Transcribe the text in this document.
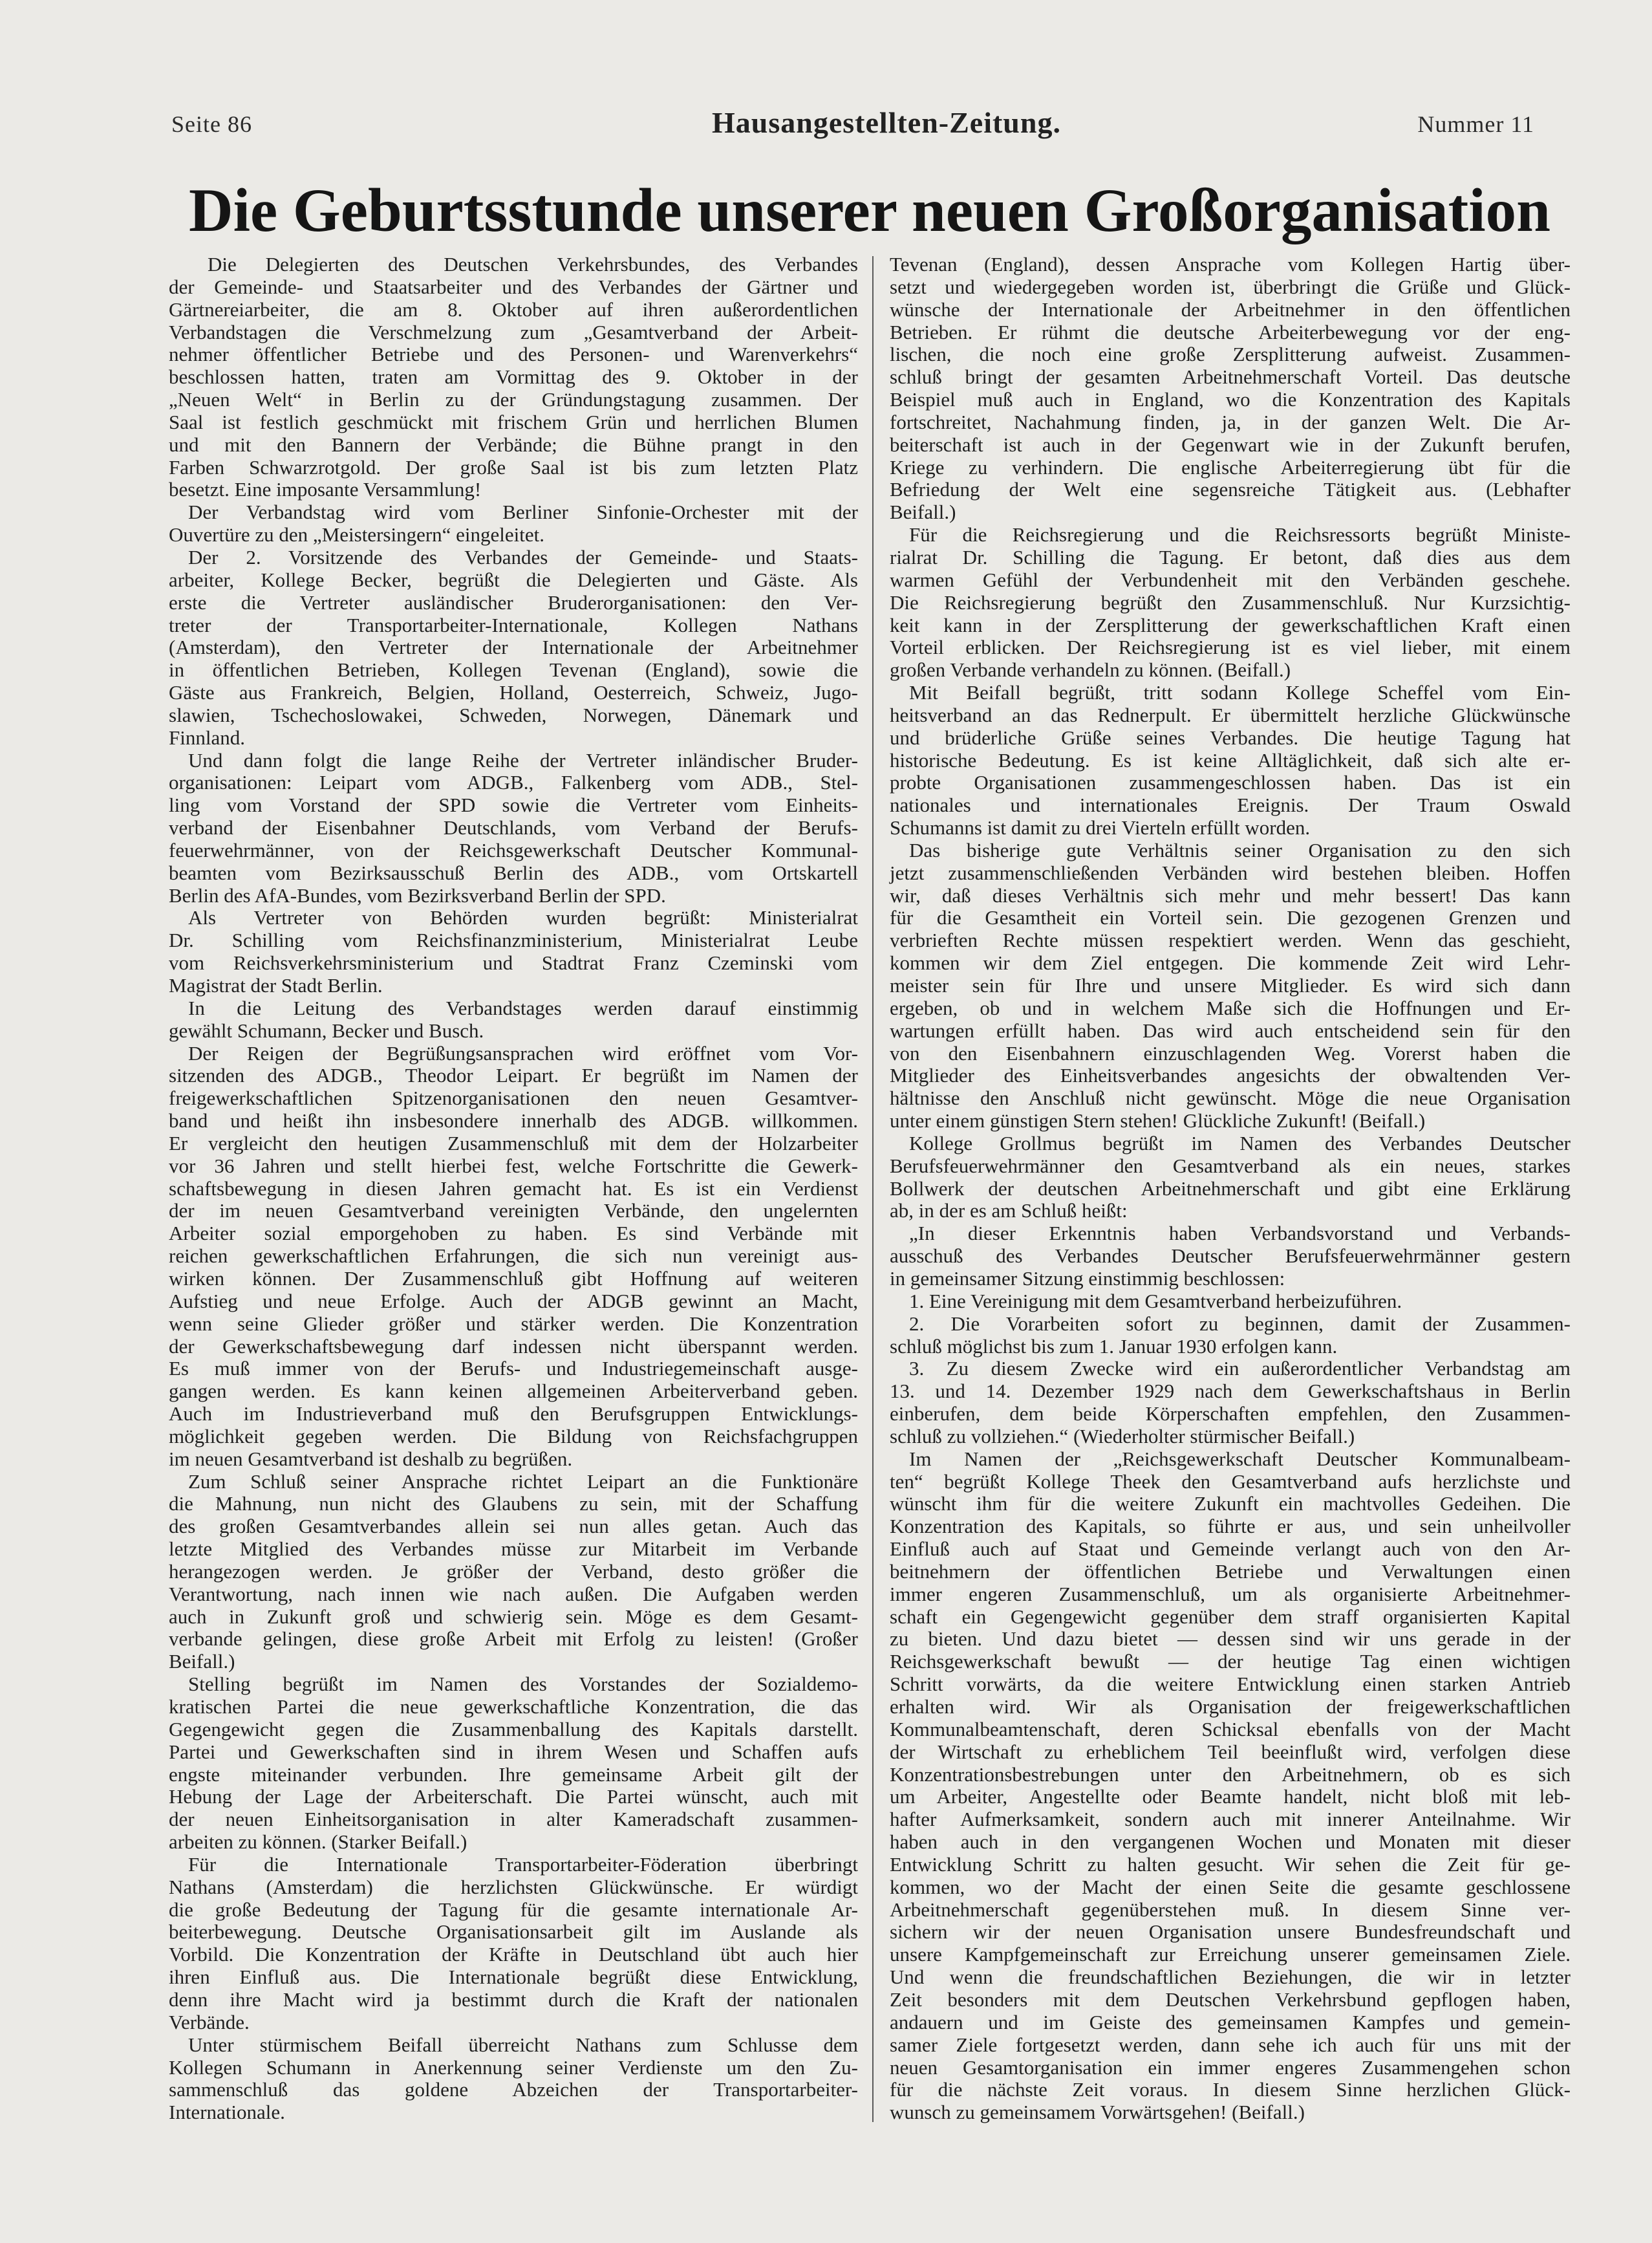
Seite 86	Hausangestellten-Zeitung.	Nummer 11
Die Geburtsstunde unserer neuen Großorganisation
Die Delegierten des Deutschen Verkehrsbundes, des Verbandes
der Gemeinde- und Staatsarbeiter und des Verbandes der Gärtner und
Gärtnereiarbeiter, die am 8. Oktober auf ihren außerordentlichen
Verbandstagen die Verschmelzung zum „Gesamtverband der Arbeit-
nehmer öffentlicher Betriebe und des Personen- und Warenverkehrs“
beschlossen hatten, traten am Vormittag des 9. Oktober in der
„Neuen Welt“ in Berlin zu der Gründungstagung zusammen. Der
Saal ist festlich geschmückt mit frischem Grün und herrlichen Blumen
und mit den Bannern der Verbände; die Bühne prangt in den
Farben Schwarzrotgold. Der große Saal ist bis zum letzten Platz
besetzt. Eine imposante Versammlung!
Der Verbandstag wird vom Berliner Sinfonie-Orchester mit der
Ouvertüre zu den „Meistersingern“ eingeleitet.
Der 2. Vorsitzende des Verbandes der Gemeinde- und Staats-
arbeiter, Kollege Becker, begrüßt die Delegierten und Gäste. Als
erste die Vertreter ausländischer Bruderorganisationen: den Ver-
treter der Transportarbeiter-Internationale, Kollegen Nathans
(Amsterdam), den Vertreter der Internationale der Arbeitnehmer
in öffentlichen Betrieben, Kollegen Tevenan (England), sowie die
Gäste aus Frankreich, Belgien, Holland, Oesterreich, Schweiz, Jugo-
slawien, Tschechoslowakei, Schweden, Norwegen, Dänemark und
Finnland.
Und dann folgt die lange Reihe der Vertreter inländischer Bruder-
organisationen: Leipart vom ADGB., Falkenberg vom ADB., Stel-
ling vom Vorstand der SPD sowie die Vertreter vom Einheits-
verband der Eisenbahner Deutschlands, vom Verband der Berufs-
feuerwehrmänner, von der Reichsgewerkschaft Deutscher Kommunal-
beamten vom Bezirksausschuß Berlin des ADB., vom Ortskartell
Berlin des AfA-Bundes, vom Bezirksverband Berlin der SPD.
Als Vertreter von Behörden wurden begrüßt: Ministerialrat
Dr. Schilling vom Reichsfinanzministerium, Ministerialrat Leube
vom Reichsverkehrsministerium und Stadtrat Franz Czeminski vom
Magistrat der Stadt Berlin.
In die Leitung des Verbandstages werden darauf einstimmig
gewählt Schumann, Becker und Busch.
Der Reigen der Begrüßungsansprachen wird eröffnet vom Vor-
sitzenden des ADGB., Theodor Leipart. Er begrüßt im Namen der
freigewerkschaftlichen Spitzenorganisationen den neuen Gesamtver-
band und heißt ihn insbesondere innerhalb des ADGB. willkommen.
Er vergleicht den heutigen Zusammenschluß mit dem der Holzarbeiter
vor 36 Jahren und stellt hierbei fest, welche Fortschritte die Gewerk-
schaftsbewegung in diesen Jahren gemacht hat. Es ist ein Verdienst
der im neuen Gesamtverband vereinigten Verbände, den ungelernten
Arbeiter sozial emporgehoben zu haben. Es sind Verbände mit
reichen gewerkschaftlichen Erfahrungen, die sich nun vereinigt aus-
wirken können. Der Zusammenschluß gibt Hoffnung auf weiteren
Aufstieg und neue Erfolge. Auch der ADGB gewinnt an Macht,
wenn seine Glieder größer und stärker werden. Die Konzentration
der Gewerkschaftsbewegung darf indessen nicht überspannt werden.
Es muß immer von der Berufs- und Industriegemeinschaft ausge-
gangen werden. Es kann keinen allgemeinen Arbeiterverband geben.
Auch im Industrieverband muß den Berufsgruppen Entwicklungs-
möglichkeit gegeben werden. Die Bildung von Reichsfachgruppen
im neuen Gesamtverband ist deshalb zu begrüßen.
Zum Schluß seiner Ansprache richtet Leipart an die Funktionäre
die Mahnung, nun nicht des Glaubens zu sein, mit der Schaffung
des großen Gesamtverbandes allein sei nun alles getan. Auch das
letzte Mitglied des Verbandes müsse zur Mitarbeit im Verbande
herangezogen werden. Je größer der Verband, desto größer die
Verantwortung, nach innen wie nach außen. Die Aufgaben werden
auch in Zukunft groß und schwierig sein. Möge es dem Gesamt-
verbande gelingen, diese große Arbeit mit Erfolg zu leisten! (Großer
Beifall.)
Stelling begrüßt im Namen des Vorstandes der Sozialdemo-
kratischen Partei die neue gewerkschaftliche Konzentration, die das
Gegengewicht gegen die Zusammenballung des Kapitals darstellt.
Partei und Gewerkschaften sind in ihrem Wesen und Schaffen aufs
engste miteinander verbunden. Ihre gemeinsame Arbeit gilt der
Hebung der Lage der Arbeiterschaft. Die Partei wünscht, auch mit
der neuen Einheitsorganisation in alter Kameradschaft zusammen-
arbeiten zu können. (Starker Beifall.)
Für die Internationale Transportarbeiter-Föderation überbringt
Nathans (Amsterdam) die herzlichsten Glückwünsche. Er würdigt
die große Bedeutung der Tagung für die gesamte internationale Ar-
beiterbewegung. Deutsche Organisationsarbeit gilt im Auslande als
Vorbild. Die Konzentration der Kräfte in Deutschland übt auch hier
ihren Einfluß aus. Die Internationale begrüßt diese Entwicklung,
denn ihre Macht wird ja bestimmt durch die Kraft der nationalen
Verbände.
Unter stürmischem Beifall überreicht Nathans zum Schlusse dem
Kollegen Schumann in Anerkennung seiner Verdienste um den Zu-
sammenschluß das goldene Abzeichen der Transportarbeiter-
Internationale.
Tevenan (England), dessen Ansprache vom Kollegen Hartig über-
setzt und wiedergegeben worden ist, überbringt die Grüße und Glück-
wünsche der Internationale der Arbeitnehmer in den öffentlichen
Betrieben. Er rühmt die deutsche Arbeiterbewegung vor der eng-
lischen, die noch eine große Zersplitterung aufweist. Zusammen-
schluß bringt der gesamten Arbeitnehmerschaft Vorteil. Das deutsche
Beispiel muß auch in England, wo die Konzentration des Kapitals
fortschreitet, Nachahmung finden, ja, in der ganzen Welt. Die Ar-
beiterschaft ist auch in der Gegenwart wie in der Zukunft berufen,
Kriege zu verhindern. Die englische Arbeiterregierung übt für die
Befriedung der Welt eine segensreiche Tätigkeit aus. (Lebhafter
Beifall.)
Für die Reichsregierung und die Reichsressorts begrüßt Ministe-
rialrat Dr. Schilling die Tagung. Er betont, daß dies aus dem
warmen Gefühl der Verbundenheit mit den Verbänden geschehe.
Die Reichsregierung begrüßt den Zusammenschluß. Nur Kurzsichtig-
keit kann in der Zersplitterung der gewerkschaftlichen Kraft einen
Vorteil erblicken. Der Reichsregierung ist es viel lieber, mit einem
großen Verbande verhandeln zu können. (Beifall.)
Mit Beifall begrüßt, tritt sodann Kollege Scheffel vom Ein-
heitsverband an das Rednerpult. Er übermittelt herzliche Glückwünsche
und brüderliche Grüße seines Verbandes. Die heutige Tagung hat
historische Bedeutung. Es ist keine Alltäglichkeit, daß sich alte er-
probte Organisationen zusammengeschlossen haben. Das ist ein
nationales und internationales Ereignis. Der Traum Oswald
Schumanns ist damit zu drei Vierteln erfüllt worden.
Das bisherige gute Verhältnis seiner Organisation zu den sich
jetzt zusammenschließenden Verbänden wird bestehen bleiben. Hoffen
wir, daß dieses Verhältnis sich mehr und mehr bessert! Das kann
für die Gesamtheit ein Vorteil sein. Die gezogenen Grenzen und
verbrieften Rechte müssen respektiert werden. Wenn das geschieht,
kommen wir dem Ziel entgegen. Die kommende Zeit wird Lehr-
meister sein für Ihre und unsere Mitglieder. Es wird sich dann
ergeben, ob und in welchem Maße sich die Hoffnungen und Er-
wartungen erfüllt haben. Das wird auch entscheidend sein für den
von den Eisenbahnern einzuschlagenden Weg. Vorerst haben die
Mitglieder des Einheitsverbandes angesichts der obwaltenden Ver-
hältnisse den Anschluß nicht gewünscht. Möge die neue Organisation
unter einem günstigen Stern stehen! Glückliche Zukunft! (Beifall.)
Kollege Grollmus begrüßt im Namen des Verbandes Deutscher
Berufsfeuerwehrmänner den Gesamtverband als ein neues, starkes
Bollwerk der deutschen Arbeitnehmerschaft und gibt eine Erklärung
ab, in der es am Schluß heißt:
„In dieser Erkenntnis haben Verbandsvorstand und Verbands-
ausschuß des Verbandes Deutscher Berufsfeuerwehrmänner gestern
in gemeinsamer Sitzung einstimmig beschlossen:
1. Eine Vereinigung mit dem Gesamtverband herbeizuführen.
2. Die Vorarbeiten sofort zu beginnen, damit der Zusammen-
schluß möglichst bis zum 1. Januar 1930 erfolgen kann.
3. Zu diesem Zwecke wird ein außerordentlicher Verbandstag am
13. und 14. Dezember 1929 nach dem Gewerkschaftshaus in Berlin
einberufen, dem beide Körperschaften empfehlen, den Zusammen-
schluß zu vollziehen.“ (Wiederholter stürmischer Beifall.)
Im Namen der „Reichsgewerkschaft Deutscher Kommunalbeam-
ten“ begrüßt Kollege Theek den Gesamtverband aufs herzlichste und
wünscht ihm für die weitere Zukunft ein machtvolles Gedeihen. Die
Konzentration des Kapitals, so führte er aus, und sein unheilvoller
Einfluß auch auf Staat und Gemeinde verlangt auch von den Ar-
beitnehmern der öffentlichen Betriebe und Verwaltungen einen
immer engeren Zusammenschluß, um als organisierte Arbeitnehmer-
schaft ein Gegengewicht gegenüber dem straff organisierten Kapital
zu bieten. Und dazu bietet — dessen sind wir uns gerade in der
Reichsgewerkschaft bewußt — der heutige Tag einen wichtigen
Schritt vorwärts, da die weitere Entwicklung einen starken Antrieb
erhalten wird. Wir als Organisation der freigewerkschaftlichen
Kommunalbeamtenschaft, deren Schicksal ebenfalls von der Macht
der Wirtschaft zu erheblichem Teil beeinflußt wird, verfolgen diese
Konzentrationsbestrebungen unter den Arbeitnehmern, ob es sich
um Arbeiter, Angestellte oder Beamte handelt, nicht bloß mit leb-
hafter Aufmerksamkeit, sondern auch mit innerer Anteilnahme. Wir
haben auch in den vergangenen Wochen und Monaten mit dieser
Entwicklung Schritt zu halten gesucht. Wir sehen die Zeit für ge-
kommen, wo der Macht der einen Seite die gesamte geschlossene
Arbeitnehmerschaft gegenüberstehen muß. In diesem Sinne ver-
sichern wir der neuen Organisation unsere Bundesfreundschaft und
unsere Kampfgemeinschaft zur Erreichung unserer gemeinsamen Ziele.
Und wenn die freundschaftlichen Beziehungen, die wir in letzter
Zeit besonders mit dem Deutschen Verkehrsbund gepflogen haben,
andauern und im Geiste des gemeinsamen Kampfes und gemein-
samer Ziele fortgesetzt werden, dann sehe ich auch für uns mit der
neuen Gesamtorganisation ein immer engeres Zusammengehen schon
für die nächste Zeit voraus. In diesem Sinne herzlichen Glück-
wunsch zu gemeinsamem Vorwärtsgehen! (Beifall.)
